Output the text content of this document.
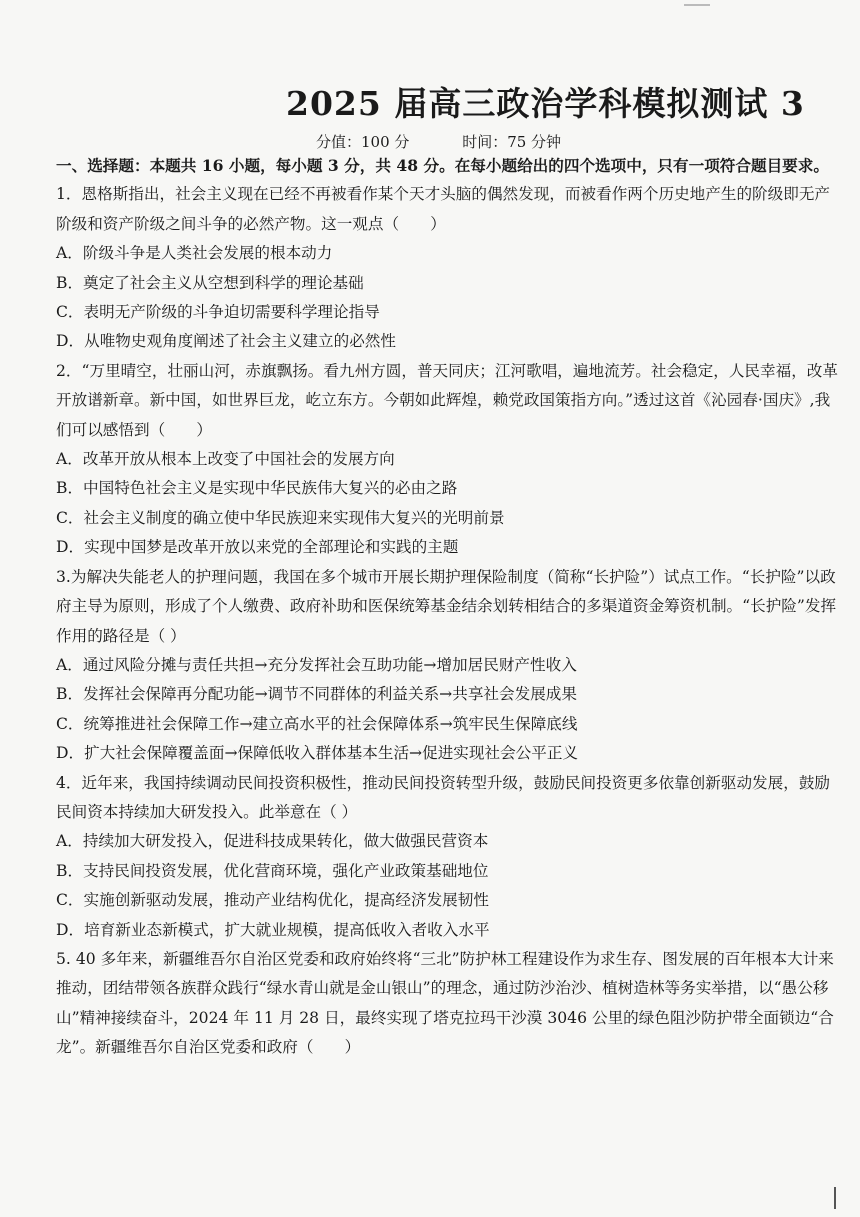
2025 届高三政治学科模拟测试 3
分值：100 分	时间：75 分钟

一、选择题：本题共 16 小题，每小题 3 分，共 48 分。在每小题给出的四个选项中，只有一项符合题目要求。

1．恩格斯指出，社会主义现在已经不再被看作某个天才头脑的偶然发现，而被看作两个历史地产生的阶级即无产阶级和资产阶级之间斗争的必然产物。这一观点（　　）

A．阶级斗争是人类社会发展的根本动力

B．奠定了社会主义从空想到科学的理论基础

C．表明无产阶级的斗争迫切需要科学理论指导

D．从唯物史观角度阐述了社会主义建立的必然性

2．“万里晴空，壮丽山河，赤旗飘扬。看九州方圆，普天同庆；江河歌唱，遍地流芳。社会稳定，人民幸福，改革开放谱新章。新中国，如世界巨龙，屹立东方。今朝如此辉煌，赖党政国策指方向。”透过这首《沁园春·国庆》,我们可以感悟到（　　）

A．改革开放从根本上改变了中国社会的发展方向

B．中国特色社会主义是实现中华民族伟大复兴的必由之路

C．社会主义制度的确立使中华民族迎来实现伟大复兴的光明前景

D．实现中国梦是改革开放以来党的全部理论和实践的主题

3.为解决失能老人的护理问题，我国在多个城市开展长期护理保险制度（简称“长护险”）试点工作。“长护险”以政府主导为原则，形成了个人缴费、政府补助和医保统筹基金结余划转相结合的多渠道资金筹资机制。“长护险”发挥作用的路径是（ ）

A．通过风险分摊与责任共担→充分发挥社会互助功能→增加居民财产性收入

B．发挥社会保障再分配功能→调节不同群体的利益关系→共享社会发展成果

C．统筹推进社会保障工作→建立高水平的社会保障体系→筑牢民生保障底线

D．扩大社会保障覆盖面→保障低收入群体基本生活→促进实现社会公平正义

4．近年来，我国持续调动民间投资积极性，推动民间投资转型升级，鼓励民间投资更多依靠创新驱动发展，鼓励民间资本持续加大研发投入。此举意在（ ）

A．持续加大研发投入，促进科技成果转化，做大做强民营资本

B．支持民间投资发展，优化营商环境，强化产业政策基础地位

C．实施创新驱动发展，推动产业结构优化，提高经济发展韧性

D．培育新业态新模式，扩大就业规模，提高低收入者收入水平

5. 40 多年来，新疆维吾尔自治区党委和政府始终将“三北”防护林工程建设作为求生存、图发展的百年根本大计来推动，团结带领各族群众践行“绿水青山就是金山银山”的理念，通过防沙治沙、植树造林等务实举措，以“愚公移山”精神接续奋斗，2024 年 11 月 28 日，最终实现了塔克拉玛干沙漠 3046 公里的绿色阻沙防护带全面锁边“合龙”。新疆维吾尔自治区党委和政府（　　）
